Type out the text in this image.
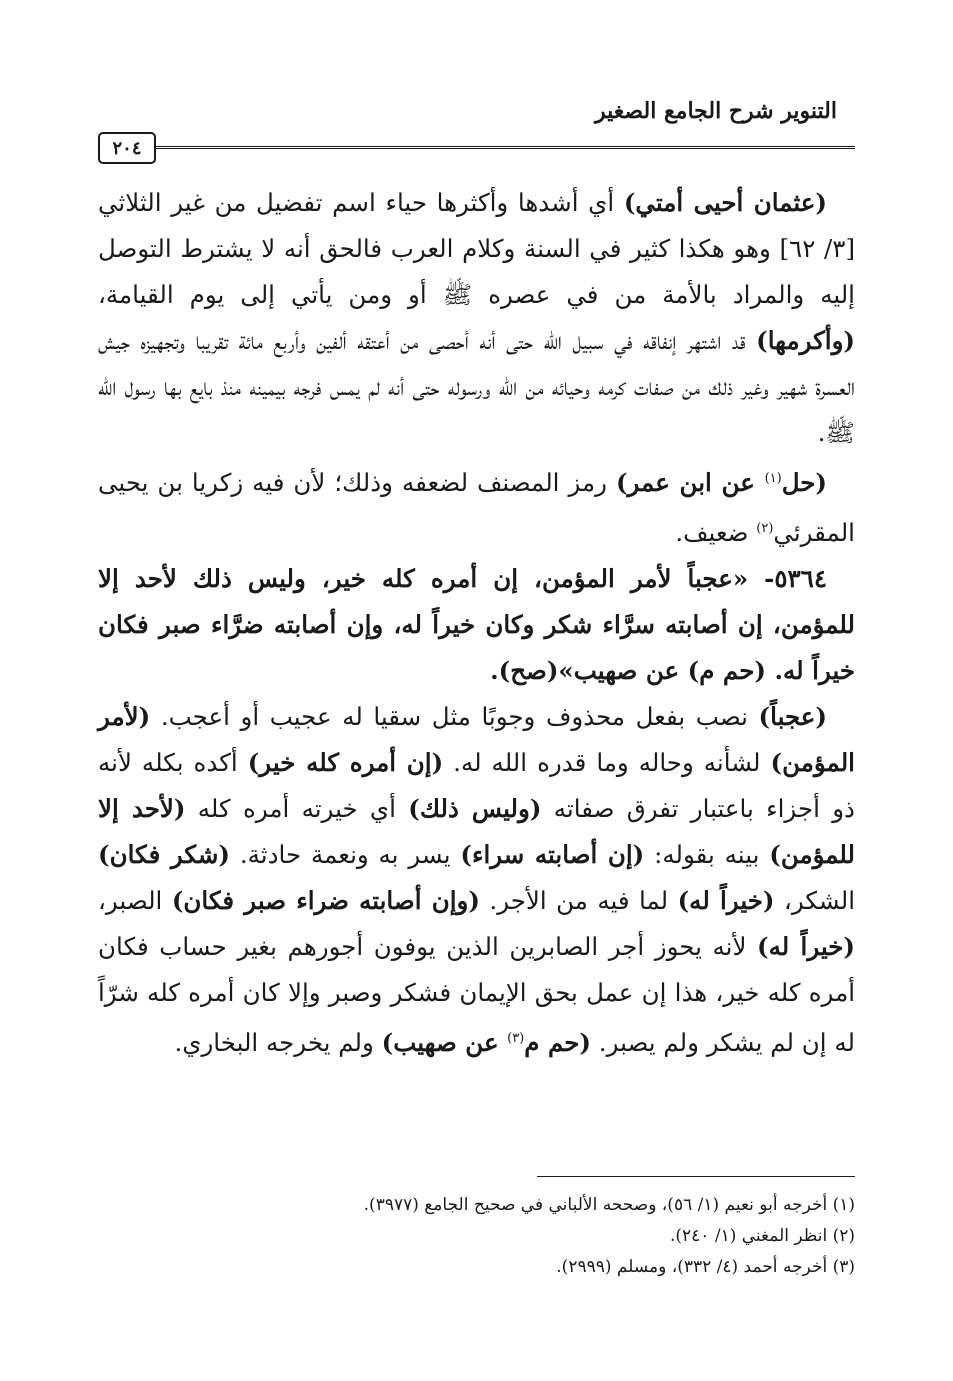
التنوير شرح الجامع الصغير
٢٠٤

(عثمان أحيى أمتي) أي أشدها وأكثرها حياء اسم تفضيل من غير الثلاثي [٣/ ٦٢] وهو هكذا كثير في السنة وكلام العرب فالحق أنه لا يشترط التوصل إليه والمراد بالأمة من في عصره ﷺ أو ومن يأتي إلى يوم القيامة، (وأكرمها) قد اشتهر إنفاقه في سبيل الله حتى أنه أحصى من أعتقه ألفين وأربع مائة تقريبا وتجهيزه جيش العسرة شهير وغير ذلك من صفات كرمه وحيائه من الله ورسوله حتى أنه لم يمس فرجه بيمينه منذ بايع بها رسول الله ﷺ.

(حل$^{(١)}$ عن ابن عمر) رمز المصنف لضعفه وذلك؛ لأن فيه زكريا بن يحيى المقرئي$^{(٢)}$ ضعيف.

٥٣٦٤- «عجباً لأمر المؤمن، إن أمره كله خير، وليس ذلك لأحد إلا للمؤمن، إن أصابته سرَّاء شكر وكان خيراً له، وإن أصابته ضرَّاء صبر فكان خيراً له. (حم م) عن صهيب»(صح).

(عجباً) نصب بفعل محذوف وجوبًا مثل سقيا له عجيب أو أعجب. (لأمر المؤمن) لشأنه وحاله وما قدره الله له. (إن أمره كله خير) أكده بكله لأنه ذو أجزاء باعتبار تفرق صفاته (وليس ذلك) أي خيرته أمره كله (لأحد إلا للمؤمن) بينه بقوله: (إن أصابته سراء) يسر به ونعمة حادثة. (شكر فكان) الشكر، (خيراً له) لما فيه من الأجر. (وإن أصابته ضراء صبر فكان) الصبر، (خيراً له) لأنه يحوز أجر الصابرين الذين يوفون أجورهم بغير حساب فكان أمره كله خير، هذا إن عمل بحق الإيمان فشكر وصبر وإلا كان أمره كله شرّاً له إن لم يشكر ولم يصبر. (حم م$^{(٣)}$ عن صهيب) ولم يخرجه البخاري.

(١) أخرجه أبو نعيم (١/ ٥٦)، وصححه الألباني في صحيح الجامع (٣٩٧٧).
(٢) انظر المغني (١/ ٢٤٠).
(٣) أخرجه أحمد (٤/ ٣٣٢)، ومسلم (٢٩٩٩).
